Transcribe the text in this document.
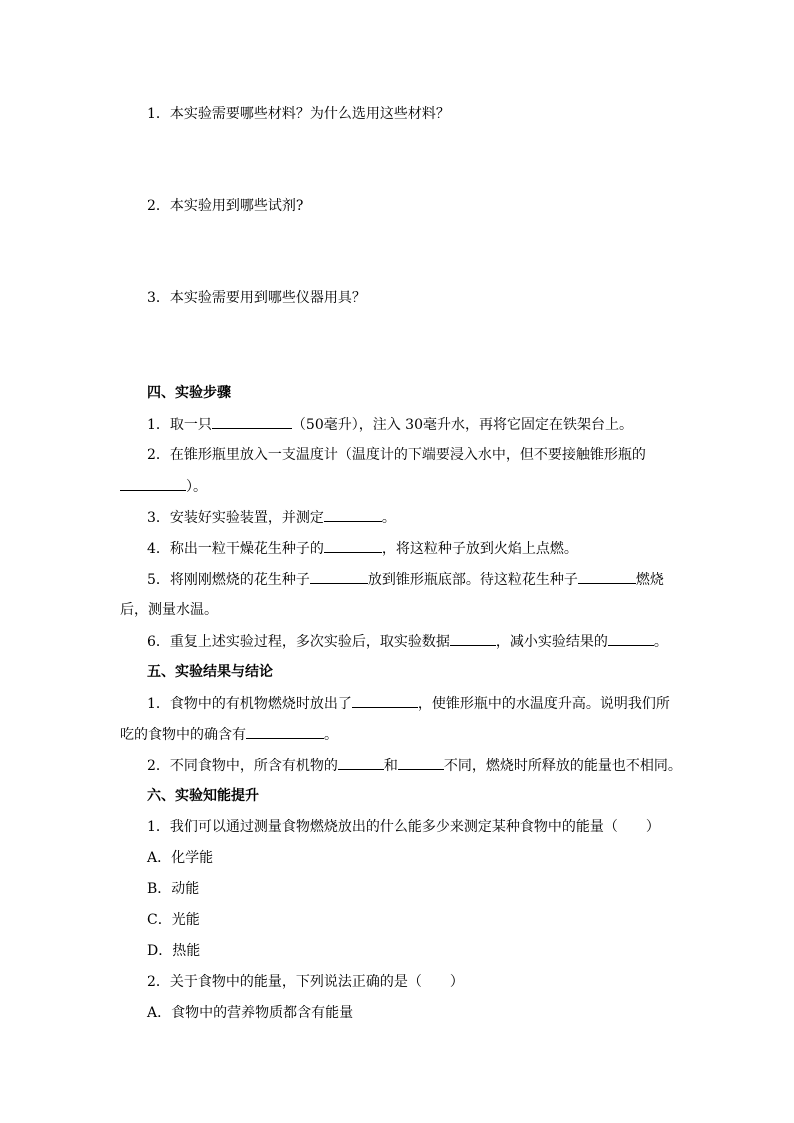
1．本实验需要哪些材料？为什么选用这些材料？
2．本实验用到哪些试剂?
3．本实验需要用到哪些仪器用具？
四、实验步骤
1．取一只	（50毫升），注入 30毫升水，再将它固定在铁架台上。
2．在锥形瓶里放入一支温度计（温度计的下端要浸入水中，但不要接触锥形瓶的
）。
3．安装好实验装置，并测定	。
4．称出一粒干燥花生种子的	，将这粒种子放到火焰上点燃。
5．将刚刚燃烧的花生种子	放到锥形瓶底部。待这粒花生种子	燃烧
后，测量水温。
6．重复上述实验过程，多次实验后，取实验数据	，减小实验结果的	。
五、实验结果与结论
1．食物中的有机物燃烧时放出了	，使锥形瓶中的水温度升高。说明我们所
吃的食物中的确含有	。
2．不同食物中，所含有机物的	和	不同，燃烧时所释放的能量也不相同。
六、实验知能提升
1．我们可以通过测量食物燃烧放出的什么能多少来测定某种食物中的能量（　　）
A．化学能
B．动能
C．光能
D．热能
2．关于食物中的能量，下列说法正确的是（　　）
A．食物中的营养物质都含有能量
